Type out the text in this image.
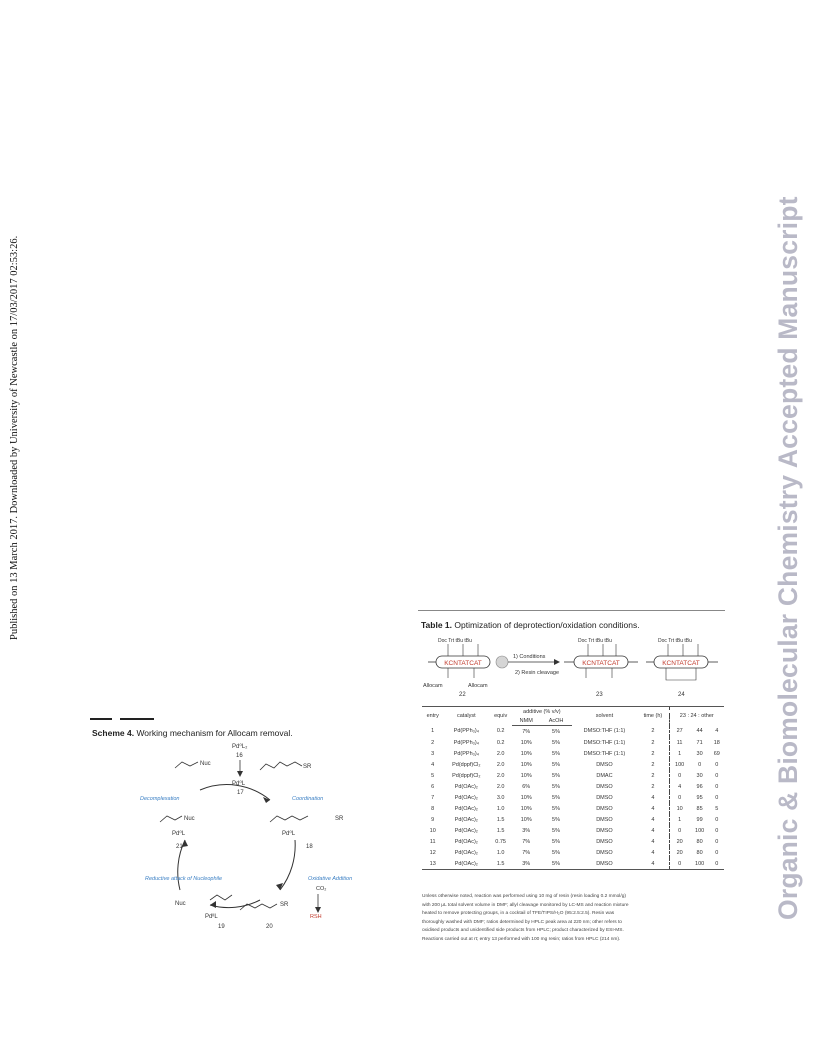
Published on 13 March 2017. Downloaded by University of Newcastle on 17/03/2017 02:53:26.	Organic & Biomolecular Chemistry Accepted Manuscript
Scheme 4. Working mechanism for Allocam removal.
Pd⁰L₂
16
Pd⁰L
17
Nuc	SR
Decomplexation	Coordination
Reductive attack of Nucleophile	Oxidative Addition
Nuc
Pd⁰L
21
SR
Pd⁰L
18
Nuc
PdᴵᴵL
19
SR
20
CO₂
RSH
Table 1. Optimization of deprotection/oxidation conditions.
KCNTATCAT
Allocam	Allocam
22
Doc Trt tBu tBu
1) Conditions
2) Resin cleavage
KCNTATCAT
Doc Trt tBu tBu
23
KCNTATCAT
Doc Trt tBu tBu
24
entry	catalyst	equiv	additive (% v/v)		solvent	time (h)	23 : 24 : other		
			NMM	AcOH					
1	Pd(PPh₃)₄	0.2	7%	5%	DMSO:THF (1:1)	2	27	44	4
2	Pd(PPh₃)₄	0.2	10%	5%	DMSO:THF (1:1)	2	11	71	18
3	Pd(PPh₃)₄	2.0	10%	5%	DMSO:THF (1:1)	2	1	30	69
4	Pd(dppf)Cl₂	2.0	10%	5%	DMSO	2	100	0	0
5	Pd(dppf)Cl₂	2.0	10%	5%	DMAC	2	0	30	0
6	Pd(OAc)₂	2.0	6%	5%	DMSO	2	4	96	0
7	Pd(OAc)₂	3.0	10%	5%	DMSO	4	0	95	0
8	Pd(OAc)₂	1.0	10%	5%	DMSO	4	10	85	5
9	Pd(OAc)₂	1.5	10%	5%	DMSO	4	1	99	0
10	Pd(OAc)₂	1.5	3%	5%	DMSO	4	0	100	0
11	Pd(OAc)₂	0.75	7%	5%	DMSO	4	20	80	0
12	Pd(OAc)₂	1.0	7%	5%	DMSO	4	20	80	0
13	Pd(OAc)₂	1.5	3%	5%	DMSO	4	0	100	0
Unless otherwise noted, reaction was performed using 10 mg of resin (resin loading 0.2 mmol/g)
with 200 μL total solvent volume in DMF; allyl cleavage monitored by LC-MS and reaction mixture
heated to remove protecting groups, in a cocktail of TFE/TIPS/H₂O (95:2.5:2.5). Resin was
thoroughly washed with DMF; ratios determined by HPLC peak area at 220 nm; other refers to
oxidised products and unidentified side products from HPLC; product characterized by ESI-MS.
Reactions carried out at rt; entry 13 performed with 100 mg resin; ratios from HPLC (214 nm).
